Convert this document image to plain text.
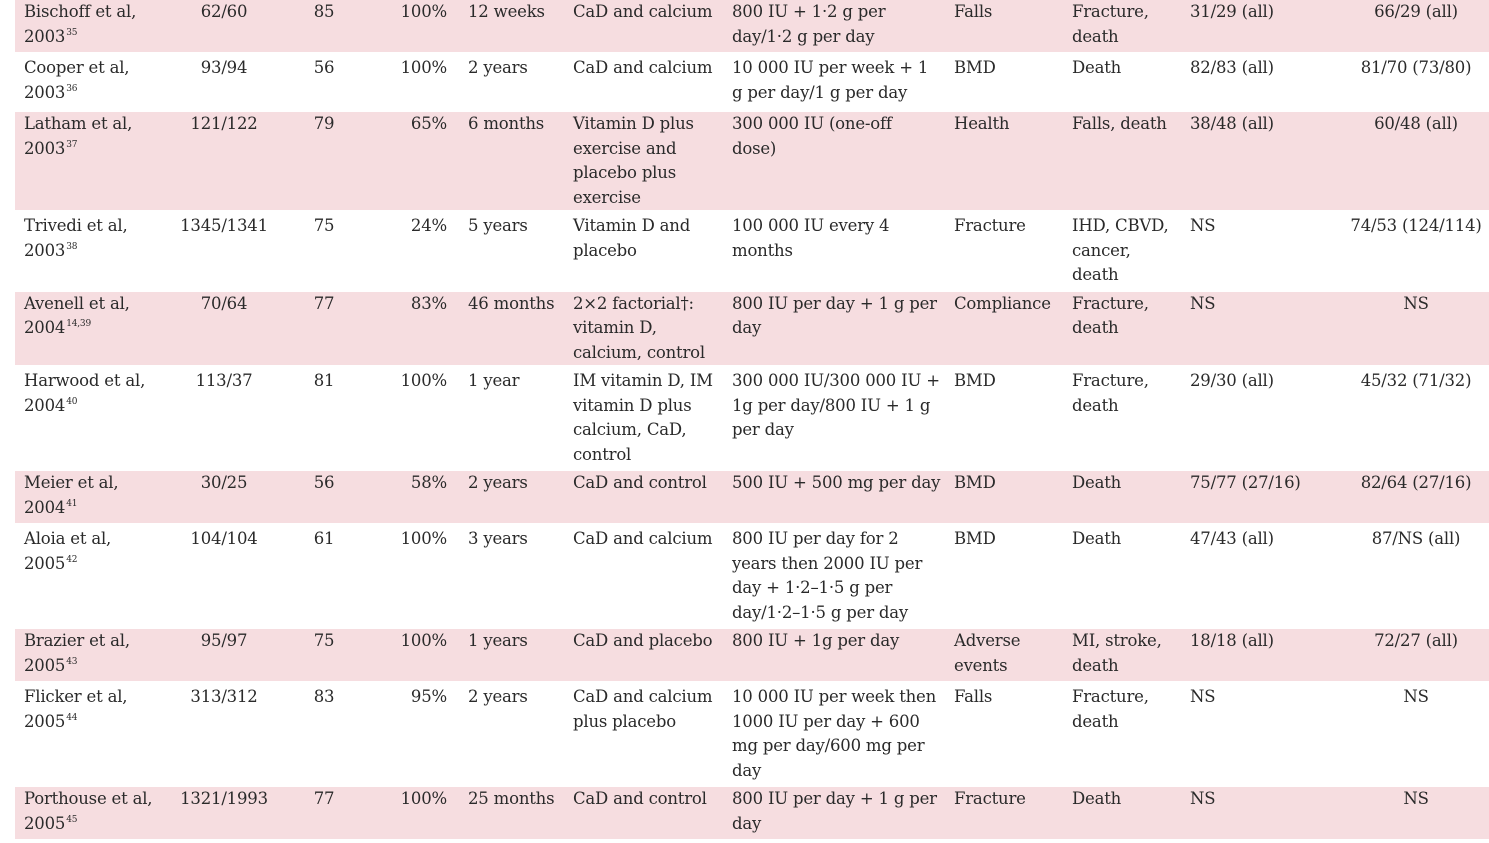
Bischoff et al,
2003$^{35}$	62/60	85	100%	12 weeks	CaD and calcium	800 IU + 1·2 g per day/1·2 g per day	Falls	Fracture, death	31/29 (all)	66/29 (all)
Cooper et al,
2003$^{36}$	93/94	56	100%	2 years	CaD and calcium	10 000 IU per week + 1 g per day/1 g per day	BMD	Death	82/83 (all)	81/70 (73/80)
Latham et al,
2003$^{37}$	121/122	79	65%	6 months	Vitamin D plus exercise and placebo plus exercise	300 000 IU (one-off dose)	Health	Falls, death	38/48 (all)	60/48 (all)
Trivedi et al,
2003$^{38}$	1345/1341	75	24%	5 years	Vitamin D and placebo	100 000 IU every 4 months	Fracture	IHD, CBVD, cancer, death	NS	74/53 (124/114)
Avenell et al,
2004$^{14,39}$	70/64	77	83%	46 months	2×2 factorial†: vitamin D, calcium, control	800 IU per day + 1 g per day	Compliance	Fracture, death	NS	NS
Harwood et al,
2004$^{40}$	113/37	81	100%	1 year	IM vitamin D, IM vitamin D plus calcium, CaD, control	300 000 IU/300 000 IU + 1g per day/800 IU + 1 g per day	BMD	Fracture, death	29/30 (all)	45/32 (71/32)
Meier et al,
2004$^{41}$	30/25	56	58%	2 years	CaD and control	500 IU + 500 mg per day	BMD	Death	75/77 (27/16)	82/64 (27/16)
Aloia et al,
2005$^{42}$	104/104	61	100%	3 years	CaD and calcium	800 IU per day for 2 years then 2000 IU per day + 1·2–1·5 g per day/1·2–1·5 g per day	BMD	Death	47/43 (all)	87/NS (all)
Brazier et al,
2005$^{43}$	95/97	75	100%	1 years	CaD and placebo	800 IU + 1g per day	Adverse events	MI, stroke, death	18/18 (all)	72/27 (all)
Flicker et al,
2005$^{44}$	313/312	83	95%	2 years	CaD and calcium plus placebo	10 000 IU per week then 1000 IU per day + 600 mg per day/600 mg per day	Falls	Fracture, death	NS	NS
Porthouse et al,
2005$^{45}$	1321/1993	77	100%	25 months	CaD and control	800 IU per day + 1 g per day	Fracture	Death	NS	NS
